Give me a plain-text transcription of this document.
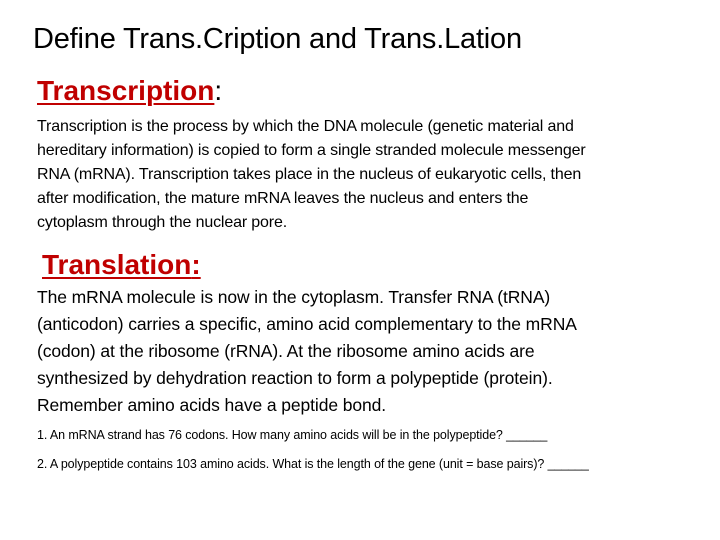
Define Trans.Cription and Trans.Lation
Transcription:

Transcription is the process by which the DNA molecule (genetic material and
hereditary information) is copied to form a single stranded molecule messenger
RNA (mRNA). Transcription takes place in the nucleus of eukaryotic cells, then
after modification, the mature mRNA leaves the nucleus and enters the
cytoplasm through the nuclear pore.

Translation:

The mRNA molecule is now in the cytoplasm. Transfer RNA (tRNA)
(anticodon) carries a specific, amino acid complementary to the mRNA
(codon) at the ribosome (rRNA). At the ribosome amino acids are
synthesized by dehydration reaction to form a polypeptide (protein).
Remember amino acids have a peptide bond.

1. An mRNA strand has 76 codons. How many amino acids will be in the polypeptide? ______
2. A polypeptide contains 103 amino acids. What is the length of the gene (unit = base pairs)? ______
